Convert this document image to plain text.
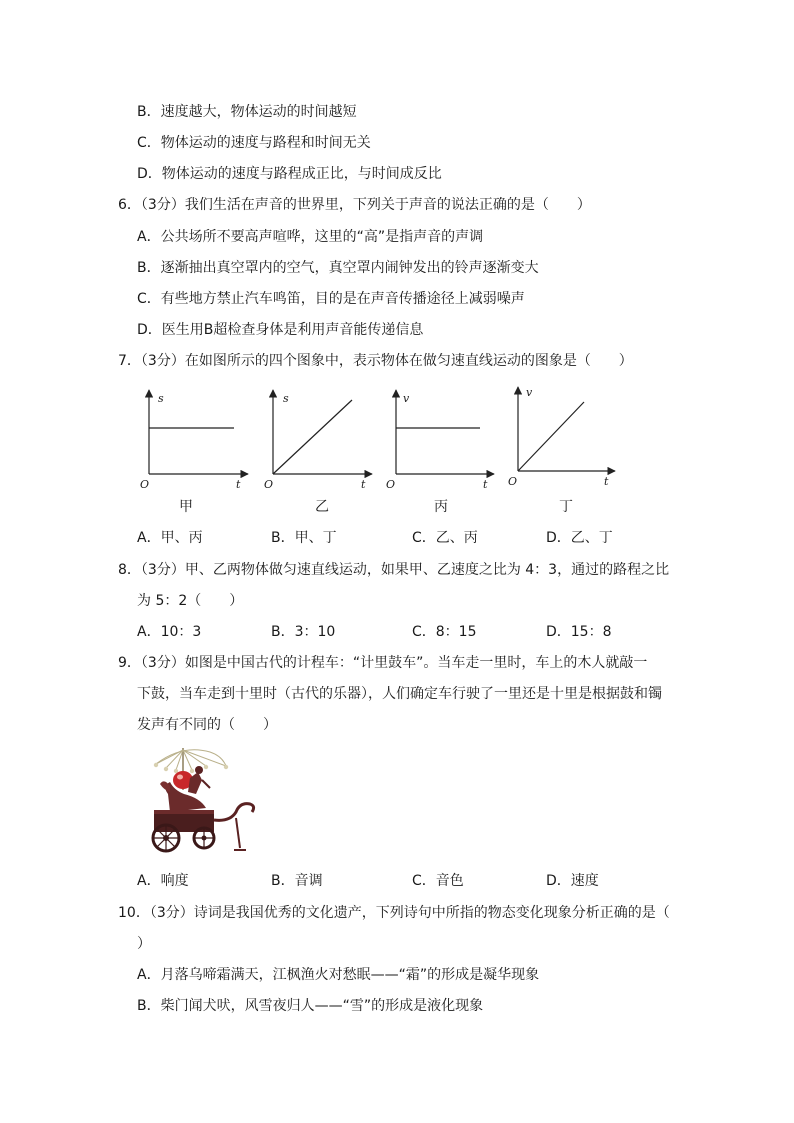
B．速度越大，物体运动的时间越短
C．物体运动的速度与路程和时间无关
D．物体运动的速度与路程成正比，与时间成反比
6．（3分）我们生活在声音的世界里，下列关于声音的说法正确的是（　　）
A．公共场所不要高声喧哗，这里的“高”是指声音的声调
B．逐渐抽出真空罩内的空气，真空罩内闹钟发出的铃声逐渐变大
C．有些地方禁止汽车鸣笛，目的是在声音传播途径上减弱噪声
D．医生用B超检查身体是利用声音能传递信息
7．（3分）在如图所示的四个图象中，表示物体在做匀速直线运动的图象是（　　）
s
t
O
s
t
O
v
t
O
v
t
O
甲	乙	丙	丁
A．甲、丙	B．甲、丁	C．乙、丙	D．乙、丁
8．（3分）甲、乙两物体做匀速直线运动，如果甲、乙速度之比为 4：3，通过的路程之比
为 5：2（　　）
A．10：3	B．3：10	C．8：15	D．15：8
9．（3分）如图是中国古代的计程车：“计里鼓车”。当车走一里时，车上的木人就敲一
下鼓，当车走到十里时（古代的乐器），人们确定车行驶了一里还是十里是根据鼓和镯
发声有不同的（　　）
A．响度	B．音调	C．音色	D．速度
10．（3分）诗词是我国优秀的文化遗产，下列诗句中所指的物态变化现象分析正确的是（
）
A．月落乌啼霜满天，江枫渔火对愁眠——“霜”的形成是凝华现象
B．柴门闻犬吠，风雪夜归人——“雪”的形成是液化现象
